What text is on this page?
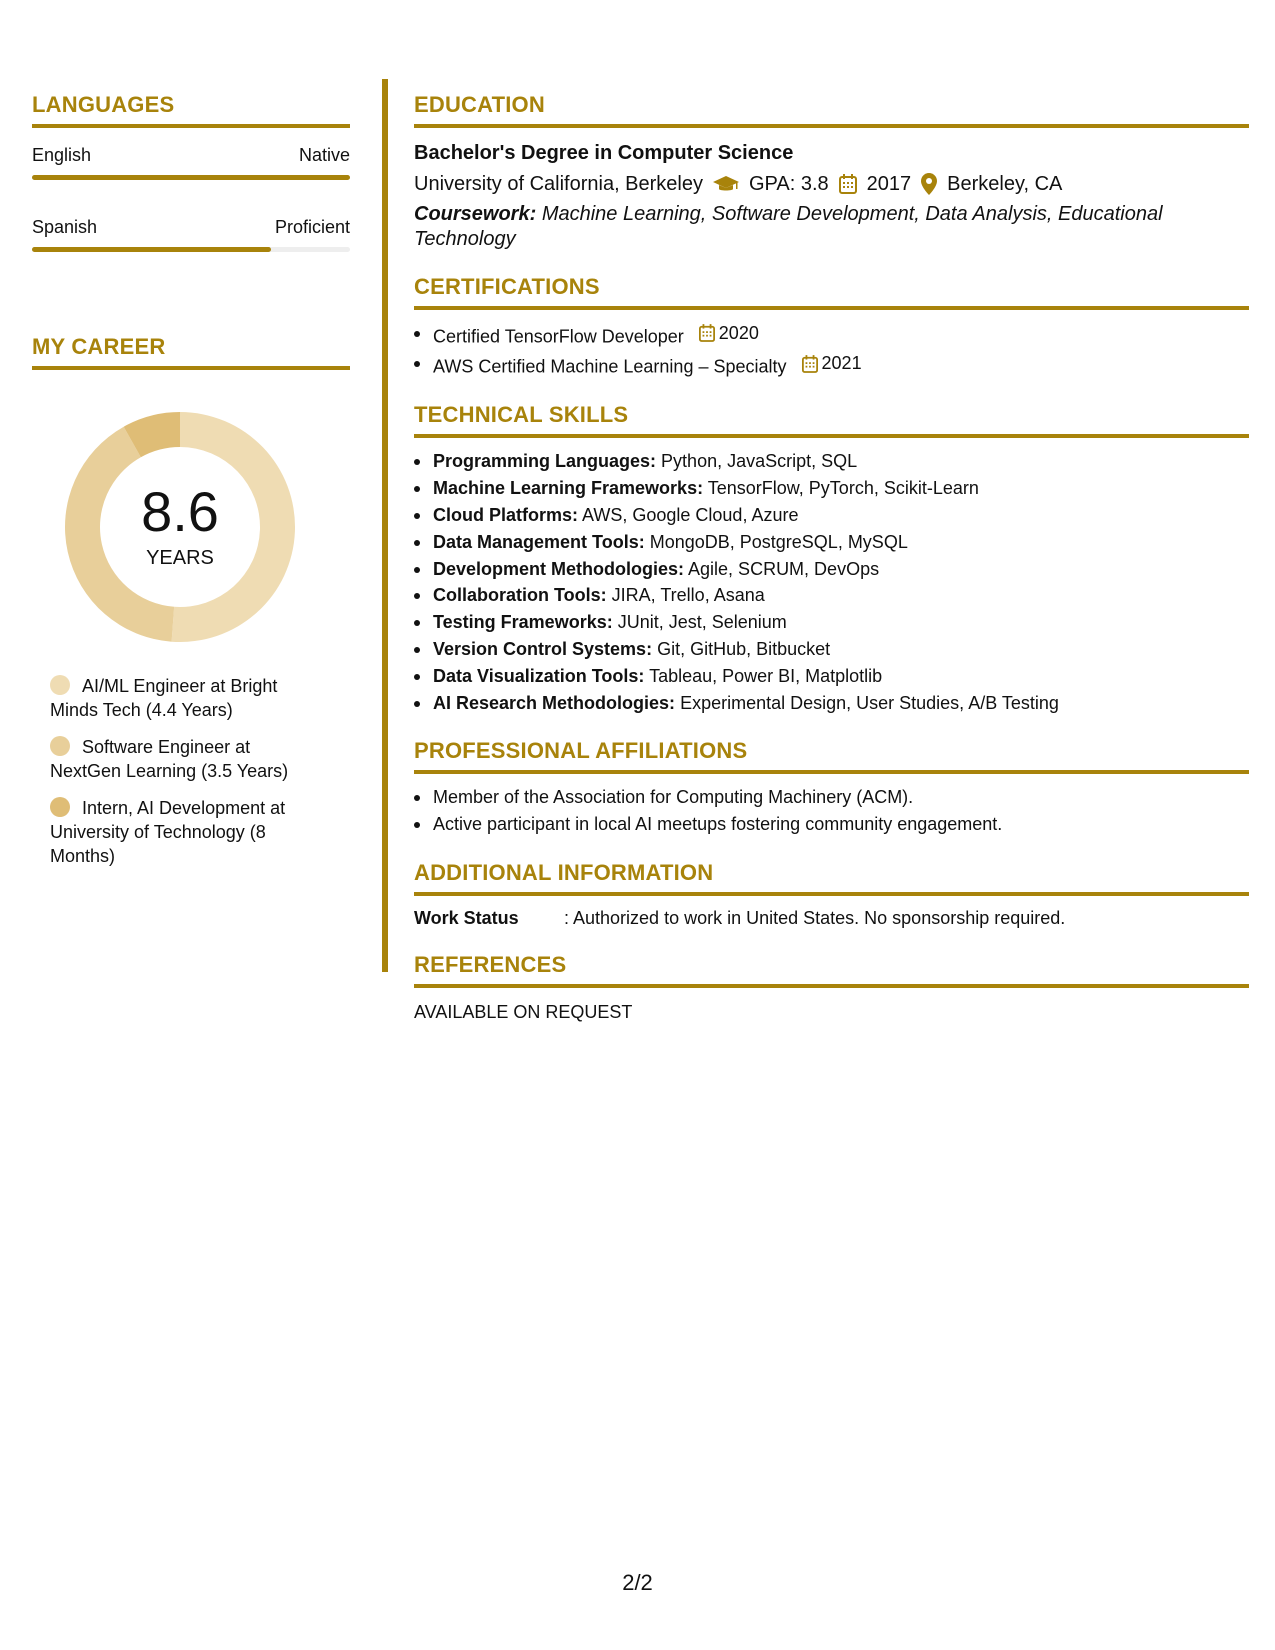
LANGUAGES
English	Native
Spanish	Proficient
MY CAREER
8.6
YEARS
AI/ML Engineer at Bright Minds Tech (4.4 Years)
Software Engineer at NextGen Learning (3.5 Years)
Intern, AI Development at University of Technology (8 Months)
EDUCATION
Bachelor's Degree in Computer Science
University of California, Berkeley GPA: 3.8 2017 Berkeley, CA
Coursework: Machine Learning, Software Development, Data Analysis, Educational Technology
CERTIFICATIONS
Certified TensorFlow Developer 2020
AWS Certified Machine Learning – Specialty 2021
TECHNICAL SKILLS
Programming Languages: Python, JavaScript, SQL
Machine Learning Frameworks: TensorFlow, PyTorch, Scikit-Learn
Cloud Platforms: AWS, Google Cloud, Azure
Data Management Tools: MongoDB, PostgreSQL, MySQL
Development Methodologies: Agile, SCRUM, DevOps
Collaboration Tools: JIRA, Trello, Asana
Testing Frameworks: JUnit, Jest, Selenium
Version Control Systems: Git, GitHub, Bitbucket
Data Visualization Tools: Tableau, Power BI, Matplotlib
AI Research Methodologies: Experimental Design, User Studies, A/B Testing
PROFESSIONAL AFFILIATIONS
Member of the Association for Computing Machinery (ACM).
Active participant in local AI meetups fostering community engagement.
ADDITIONAL INFORMATION
Work Status	: Authorized to work in United States. No sponsorship required.
REFERENCES
AVAILABLE ON REQUEST
2/2
